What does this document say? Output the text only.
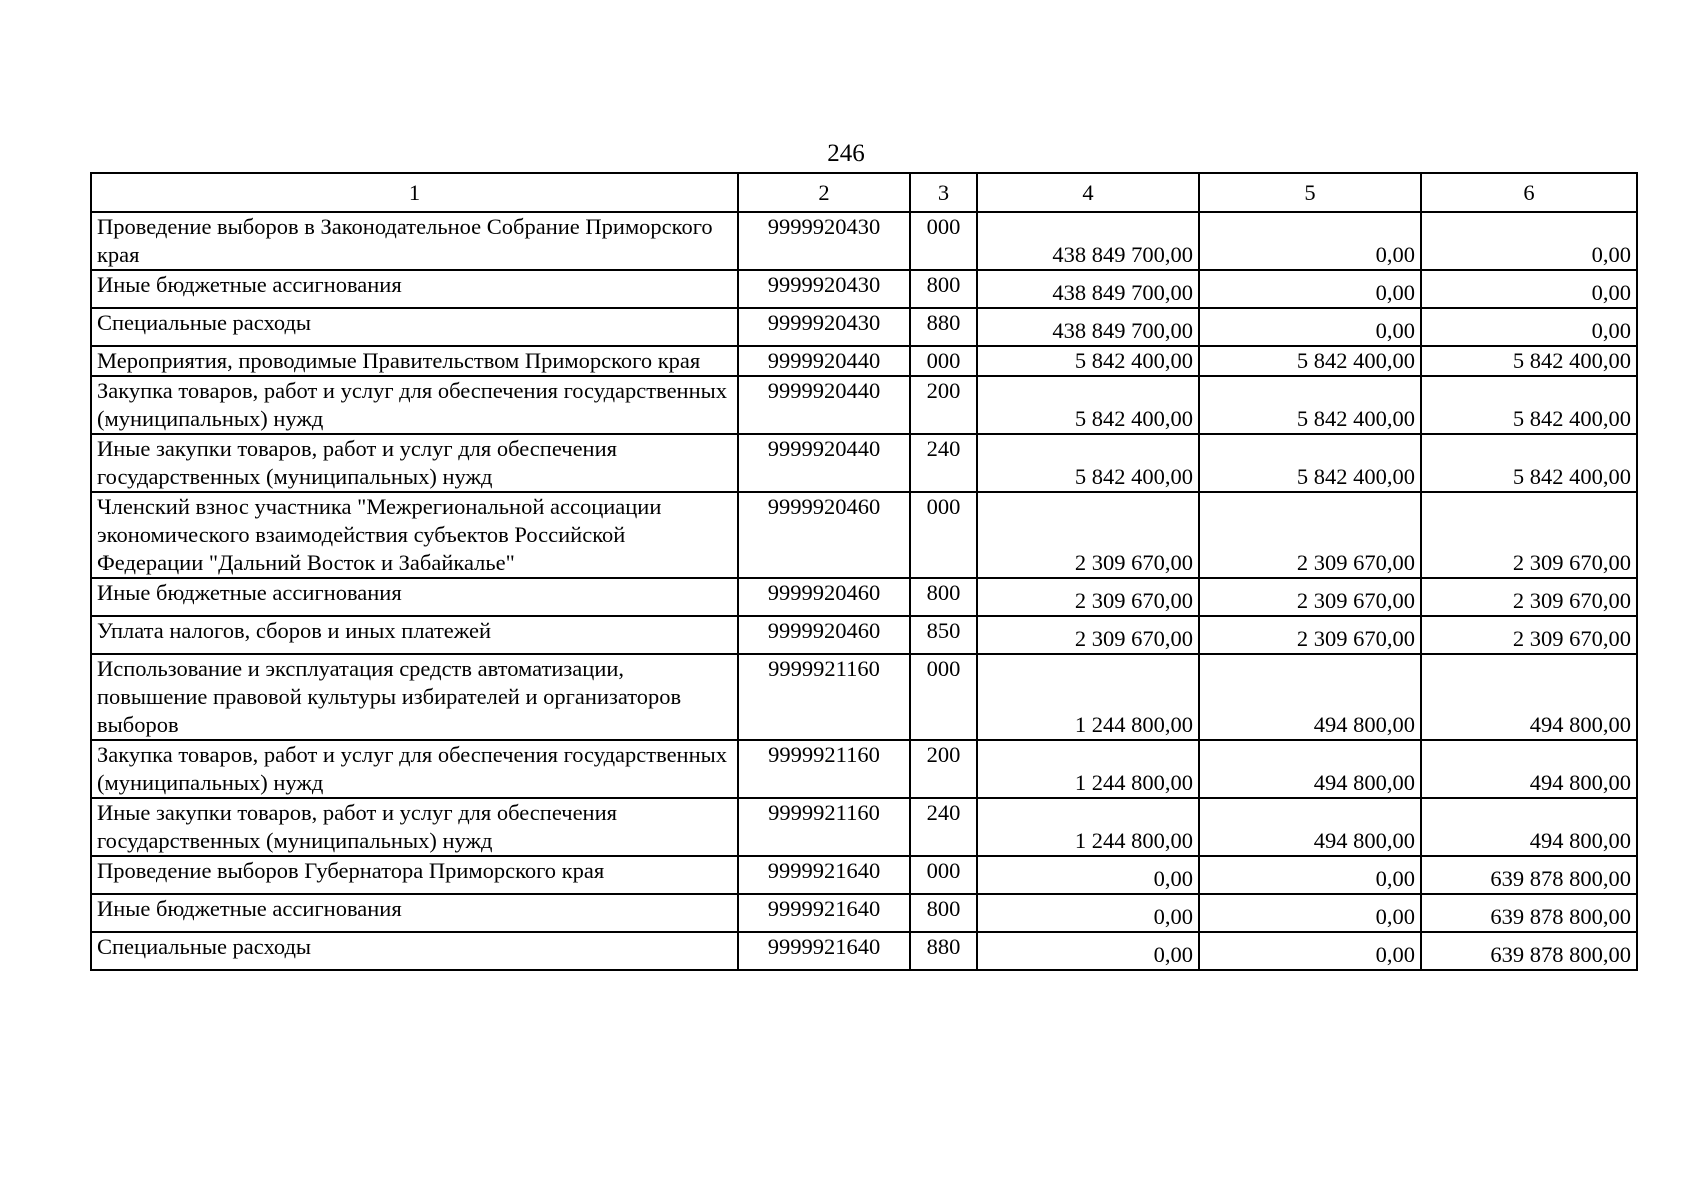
246
1	2	3	4	5	6
Проведение выборов в Законодательное Собрание Приморского края	9999920430	000	438 849 700,00	0,00	0,00
Иные бюджетные ассигнования	9999920430	800	438 849 700,00	0,00	0,00
Специальные расходы	9999920430	880	438 849 700,00	0,00	0,00
Мероприятия, проводимые Правительством Приморского края	9999920440	000	5 842 400,00	5 842 400,00	5 842 400,00
Закупка товаров, работ и услуг для обеспечения государственных (муниципальных) нужд	9999920440	200	5 842 400,00	5 842 400,00	5 842 400,00
Иные закупки товаров, работ и услуг для обеспечения государственных (муниципальных) нужд	9999920440	240	5 842 400,00	5 842 400,00	5 842 400,00
Членский взнос участника "Межрегиональной ассоциации экономического взаимодействия субъектов Российской Федерации "Дальний Восток и Забайкалье"	9999920460	000	2 309 670,00	2 309 670,00	2 309 670,00
Иные бюджетные ассигнования	9999920460	800	2 309 670,00	2 309 670,00	2 309 670,00
Уплата налогов, сборов и иных платежей	9999920460	850	2 309 670,00	2 309 670,00	2 309 670,00
Использование и эксплуатация средств автоматизации, повышение правовой культуры избирателей и организаторов выборов	9999921160	000	1 244 800,00	494 800,00	494 800,00
Закупка товаров, работ и услуг для обеспечения государственных (муниципальных) нужд	9999921160	200	1 244 800,00	494 800,00	494 800,00
Иные закупки товаров, работ и услуг для обеспечения государственных (муниципальных) нужд	9999921160	240	1 244 800,00	494 800,00	494 800,00
Проведение выборов Губернатора Приморского края	9999921640	000	0,00	0,00	639 878 800,00
Иные бюджетные ассигнования	9999921640	800	0,00	0,00	639 878 800,00
Специальные расходы	9999921640	880	0,00	0,00	639 878 800,00
